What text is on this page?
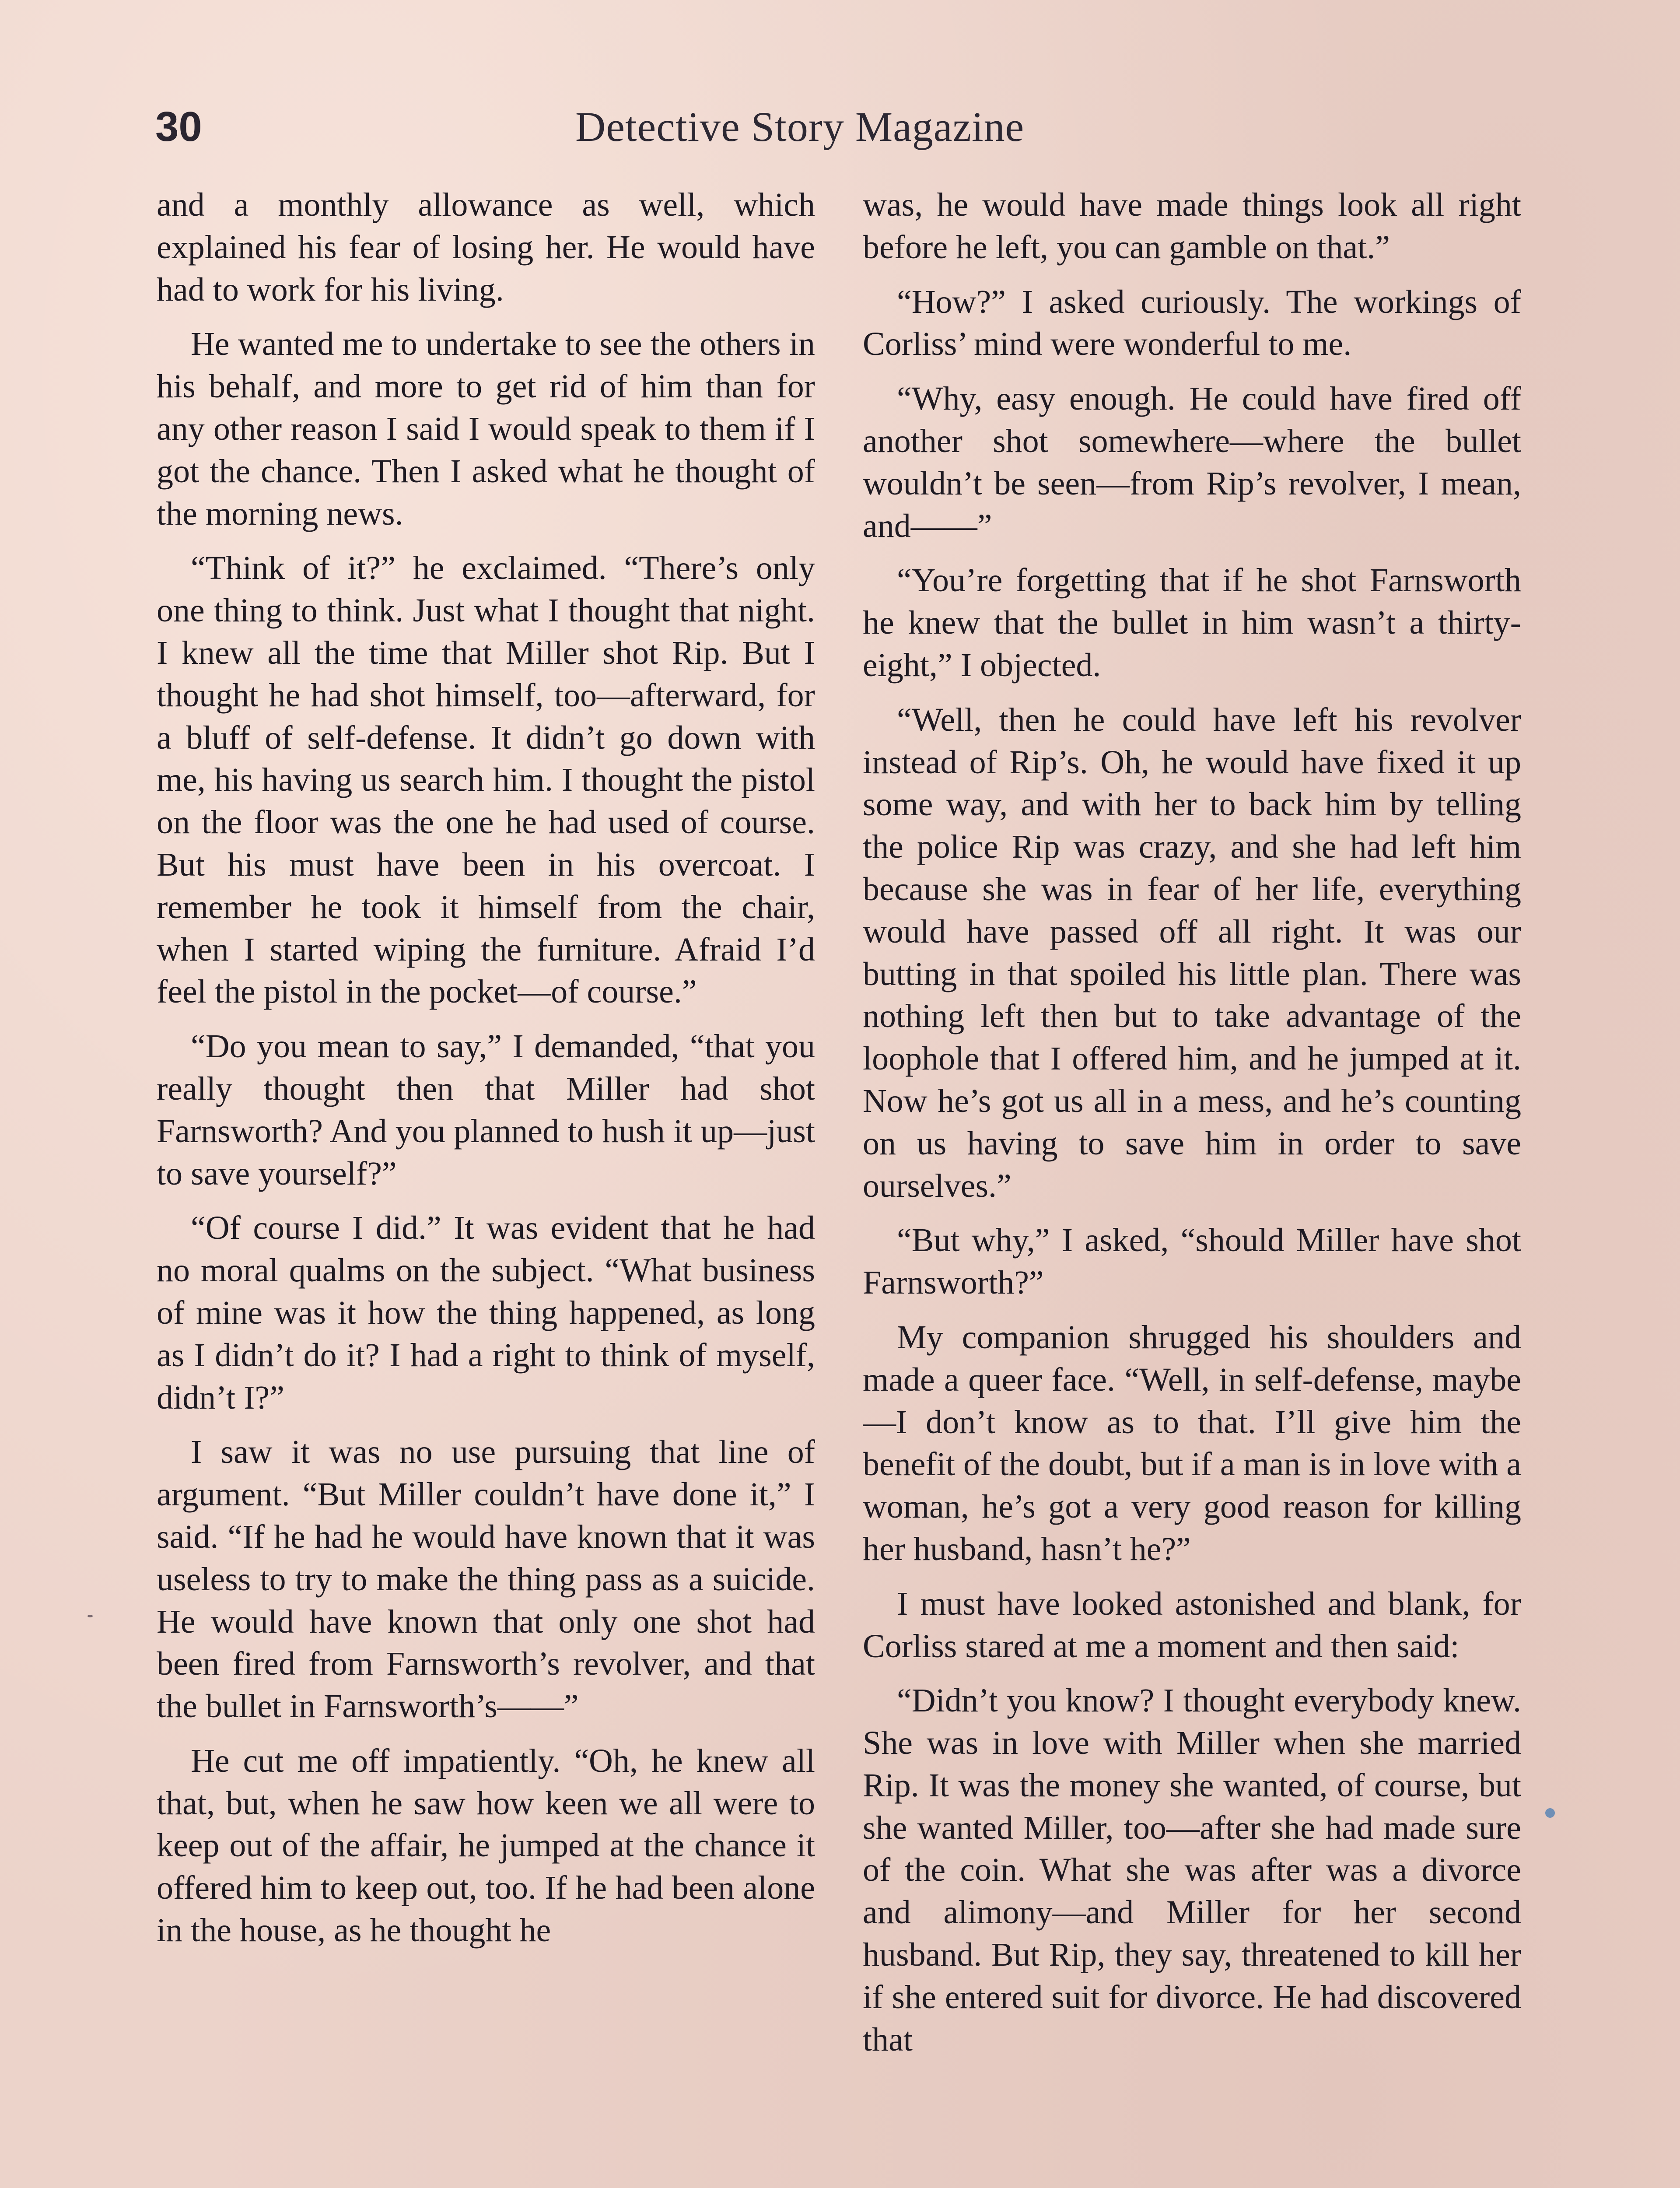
30	Detective Story Magazine

and a monthly allowance as well, which explained his fear of losing her. He would have had to work for his living.

He wanted me to undertake to see the others in his behalf, and more to get rid of him than for any other reason I said I would speak to them if I got the chance. Then I asked what he thought of the morning news.

“Think of it?” he exclaimed. “There’s only one thing to think. Just what I thought that night. I knew all the time that Miller shot Rip. But I thought he had shot himself, too—afterward, for a bluff of self-defense. It didn’t go down with me, his having us search him. I thought the pistol on the floor was the one he had used of course. But his must have been in his overcoat. I remember he took it himself from the chair, when I started wiping the furniture. Afraid I’d feel the pistol in the pocket—of course.”

“Do you mean to say,” I demanded, “that you really thought then that Miller had shot Farnsworth? And you planned to hush it up—just to save yourself?”

“Of course I did.” It was evident that he had no moral qualms on the subject. “What business of mine was it how the thing happened, as long as I didn’t do it? I had a right to think of myself, didn’t I?”

I saw it was no use pursuing that line of argument. “But Miller couldn’t have done it,” I said. “If he had he would have known that it was useless to try to make the thing pass as a suicide. He would have known that only one shot had been fired from Farnsworth’s revolver, and that the bullet in Farnsworth’s——”

He cut me off impatiently. “Oh, he knew all that, but, when he saw how keen we all were to keep out of the affair, he jumped at the chance it offered him to keep out, too. If he had been alone in the house, as he thought he

was, he would have made things look all right before he left, you can gamble on that.”

“How?” I asked curiously. The workings of Corliss’ mind were wonderful to me.

“Why, easy enough. He could have fired off another shot somewhere—where the bullet wouldn’t be seen—from Rip’s revolver, I mean, and——”

“You’re forgetting that if he shot Farnsworth he knew that the bullet in him wasn’t a thirty-eight,” I objected.

“Well, then he could have left his revolver instead of Rip’s. Oh, he would have fixed it up some way, and with her to back him by telling the police Rip was crazy, and she had left him because she was in fear of her life, everything would have passed off all right. It was our butting in that spoiled his little plan. There was nothing left then but to take advantage of the loophole that I offered him, and he jumped at it. Now he’s got us all in a mess, and he’s counting on us having to save him in order to save ourselves.”

“But why,” I asked, “should Miller have shot Farnsworth?”

My companion shrugged his shoulders and made a queer face. “Well, in self-defense, maybe—I don’t know as to that. I’ll give him the benefit of the doubt, but if a man is in love with a woman, he’s got a very good reason for killing her husband, hasn’t he?”

I must have looked astonished and blank, for Corliss stared at me a moment and then said:

“Didn’t you know? I thought everybody knew. She was in love with Miller when she married Rip. It was the money she wanted, of course, but she wanted Miller, too—after she had made sure of the coin. What she was after was a divorce and alimony—and Miller for her second husband. But Rip, they say, threatened to kill her if she entered suit for divorce. He had discovered that
